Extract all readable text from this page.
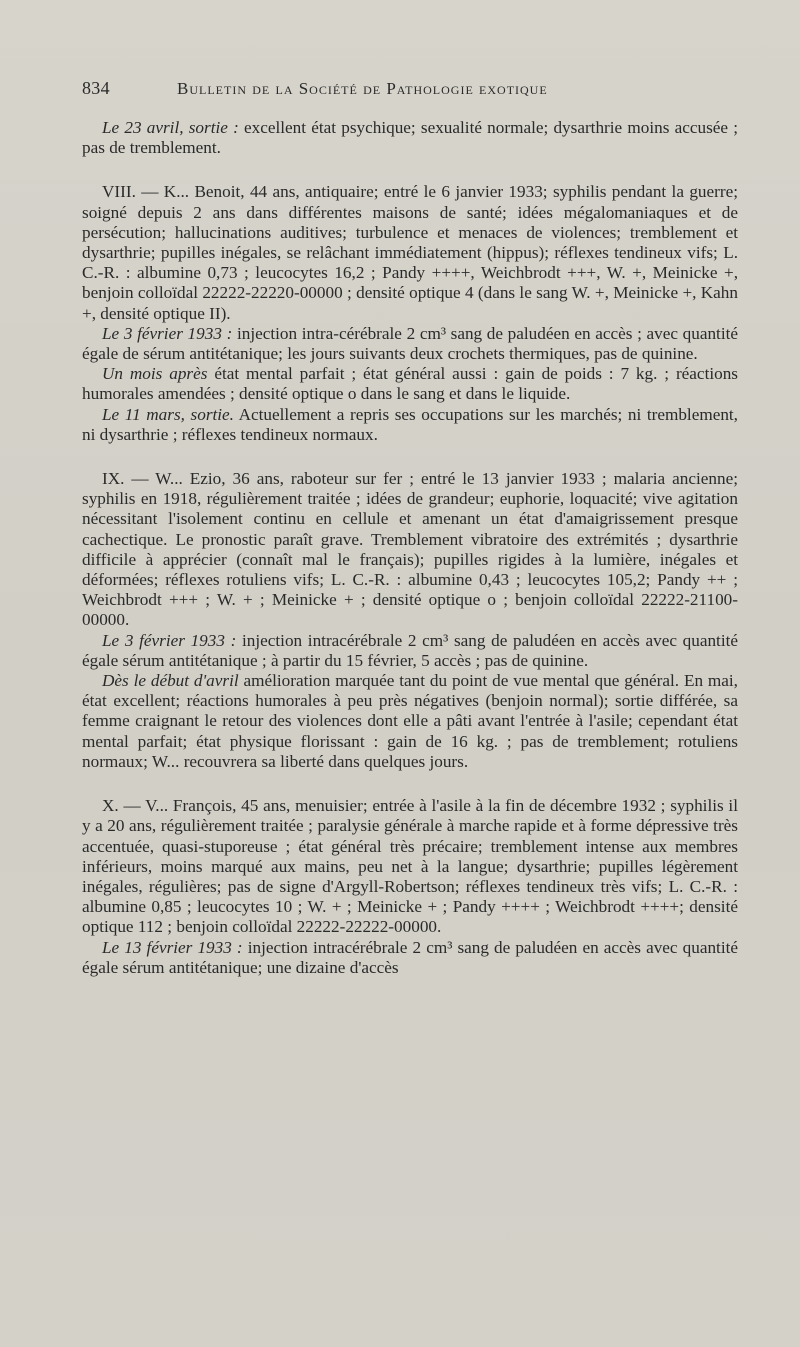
834	Bulletin de la Société de Pathologie exotique

Le 23 avril, sortie : excellent état psychique; sexualité normale; dysarthrie moins accusée ; pas de tremblement.

VIII. — K... Benoit, 44 ans, antiquaire; entré le 6 janvier 1933; syphilis pendant la guerre; soigné depuis 2 ans dans différentes maisons de santé; idées mégalomaniaques et de persécution; hallucinations auditives; turbulence et menaces de violences; tremblement et dysarthrie; pupilles inégales, se relâchant immédiatement (hippus); réflexes tendineux vifs; L. C.-R. : albumine 0,73 ; leucocytes 16,2 ; Pandy ++++, Weichbrodt +++, W. +, Meinicke +, benjoin colloïdal 22222-22220-00000 ; densité optique 4 (dans le sang W. +, Meinicke +, Kahn +, densité optique II).

Le 3 février 1933 : injection intra-cérébrale 2 cm³ sang de paludéen en accès ; avec quantité égale de sérum antitétanique; les jours suivants deux crochets thermiques, pas de quinine.

Un mois après état mental parfait ; état général aussi : gain de poids : 7 kg. ; réactions humorales amendées ; densité optique o dans le sang et dans le liquide.

Le 11 mars, sortie. Actuellement a repris ses occupations sur les marchés; ni tremblement, ni dysarthrie ; réflexes tendineux normaux.

IX. — W... Ezio, 36 ans, raboteur sur fer ; entré le 13 janvier 1933 ; malaria ancienne; syphilis en 1918, régulièrement traitée ; idées de grandeur; euphorie, loquacité; vive agitation nécessitant l'isolement continu en cellule et amenant un état d'amaigrissement presque cachectique. Le pronostic paraît grave. Tremblement vibratoire des extrémités ; dysarthrie difficile à apprécier (connaît mal le français); pupilles rigides à la lumière, inégales et déformées; réflexes rotuliens vifs; L. C.-R. : albumine 0,43 ; leucocytes 105,2; Pandy ++ ; Weichbrodt +++ ; W. + ; Meinicke + ; densité optique o ; benjoin colloïdal 22222-21100-00000.

Le 3 février 1933 : injection intracérébrale 2 cm³ sang de paludéen en accès avec quantité égale sérum antitétanique ; à partir du 15 février, 5 accès ; pas de quinine.

Dès le début d'avril amélioration marquée tant du point de vue mental que général. En mai, état excellent; réactions humorales à peu près négatives (benjoin normal); sortie différée, sa femme craignant le retour des violences dont elle a pâti avant l'entrée à l'asile; cependant état mental parfait; état physique florissant : gain de 16 kg. ; pas de tremblement; rotuliens normaux; W... recouvrera sa liberté dans quelques jours.

X. — V... François, 45 ans, menuisier; entrée à l'asile à la fin de décembre 1932 ; syphilis il y a 20 ans, régulièrement traitée ; paralysie générale à marche rapide et à forme dépressive très accentuée, quasi-stuporeuse ; état général très précaire; tremblement intense aux membres inférieurs, moins marqué aux mains, peu net à la langue; dysarthrie; pupilles légèrement inégales, régulières; pas de signe d'Argyll-Robertson; réflexes tendineux très vifs; L. C.-R. : albumine 0,85 ; leucocytes 10 ; W. + ; Meinicke + ; Pandy ++++ ; Weichbrodt ++++; densité optique 112 ; benjoin colloïdal 22222-22222-00000.

Le 13 février 1933 : injection intracérébrale 2 cm³ sang de paludéen en accès avec quantité égale sérum antitétanique; une dizaine d'accès
